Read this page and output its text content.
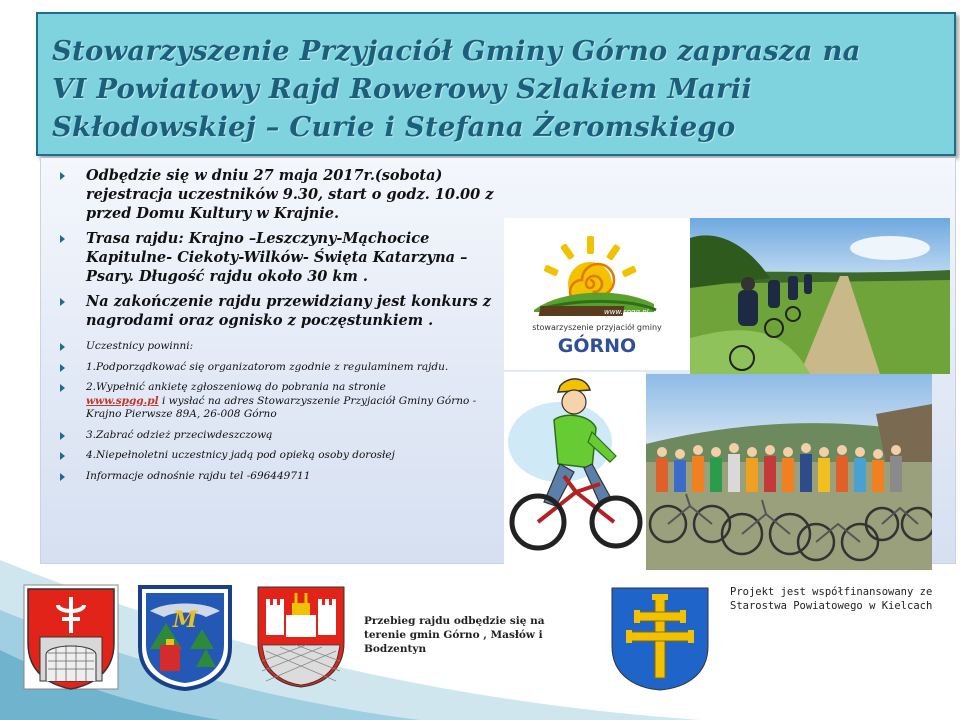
Stowarzyszenie Przyjaciół Gminy Górno zaprasza na
VI Powiatowy Rajd Rowerowy Szlakiem Marii
Skłodowskiej – Curie i Stefana Żeromskiego
Odbędzie się w dniu 27 maja 2017r.(sobota) rejestracja uczestników 9.30, start o godz. 10.00 z przed Domu Kultury w Krajnie.
Trasa rajdu: Krajno –Leszczyny-Mąchocice Kapitulne- Ciekoty-Wilków- Święta Katarzyna –Psary. Długość rajdu około 30 km .
Na zakończenie rajdu przewidziany jest konkurs z nagrodami oraz ognisko z poczęstunkiem .
Uczestnicy powinni:
1.Podporządkować się organizatorom zgodnie z regulaminem rajdu.
2.Wypełnić ankietę zgłoszeniową do pobrania na stronie
www.spgg.pl i wysłać na adres Stowarzyszenie Przyjaciół Gminy Górno - Krajno Pierwsze 89A, 26-008 Górno
3.Zabrać odzież przeciwdeszczową
4.Niepełnoletni uczestnicy jadą pod opieką osoby dorosłej
Informacje odnośnie rajdu tel -696449711
www.spgg.pl
stowarzyszenie przyjaciół gminy
GÓRNO
M	Przebieg rajdu odbędzie się na terenie gmin Górno , Masłów i Bodzentyn
Projekt jest współfinansowany ze Starostwa Powiatowego w Kielcach
